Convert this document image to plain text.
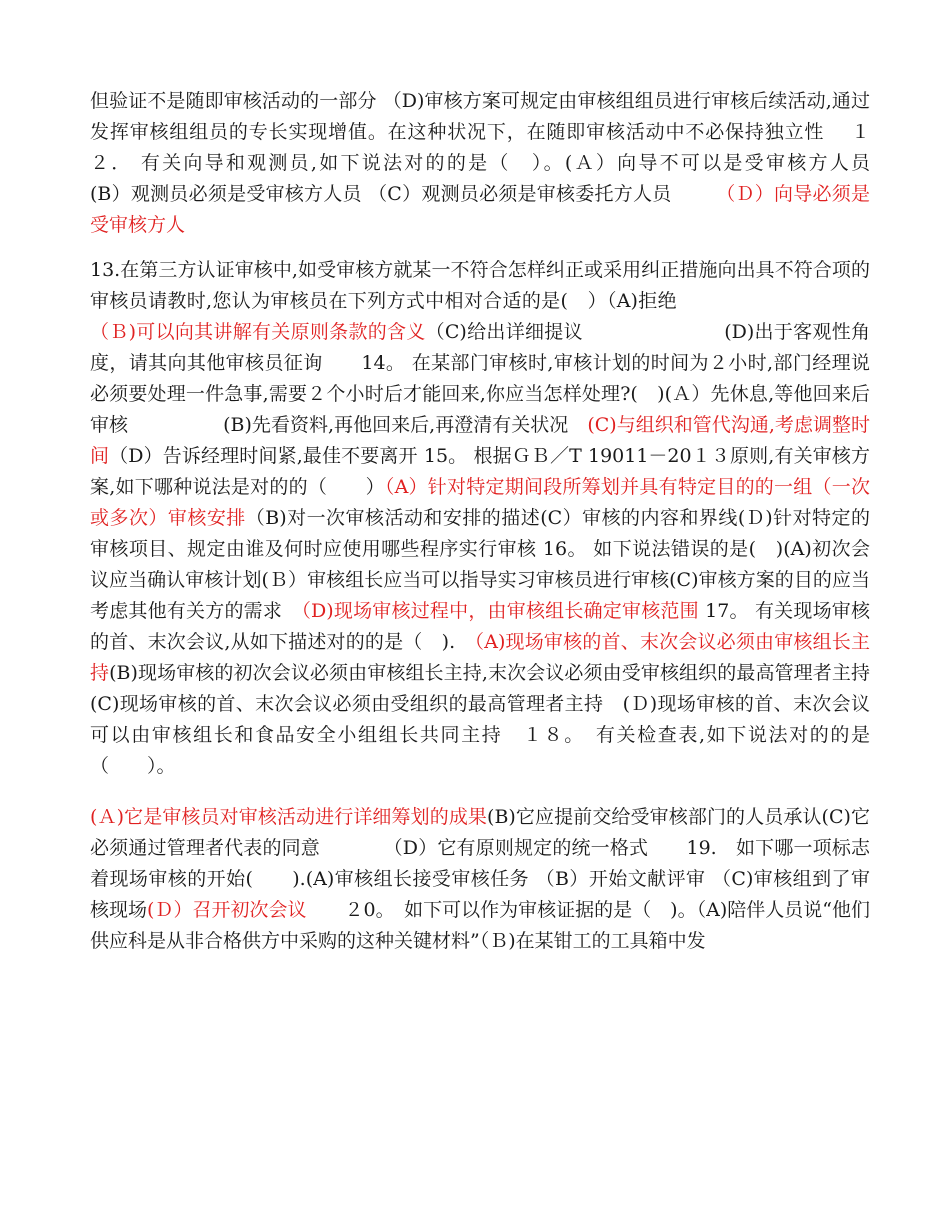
但验证不是随即审核活动的一部分 （D)审核方案可规定由审核组组员进行审核后续活动,通过发挥审核组组员的专长实现增值。在这种状况下，在随即审核活动中不必保持独立性　 １２． 有关向导和观测员,如下说法对的的是（　）。(Ａ）向导不可以是受审核方人员　　　 (B）观测员必须是受审核方人员 （C）观测员必须是审核委托方人员　　 （Ｄ）向导必须是受审核方人

13.在第三方认证审核中,如受审核方就某一不符合怎样纠正或采用纠正措施向出具不符合项的审核员请教时,您认为审核员在下列方式中相对合适的是(　）（A)拒绝　　　　　　　　　　 （Ｂ)可以向其讲解有关原则条款的含义（C)给出详细提议　　　　　　　 (D)出于客观性角度，请其向其他审核员征询　　14。 在某部门审核时,审核计划的时间为２小时,部门经理说必须要处理一件急事,需要２个小时后才能回来,你应当怎样处理?(　)(Ａ）先休息,等他回来后审核　　　　　(B)先看资料,再他回来后,再澄清有关状况　(C)与组织和管代沟通,考虑调整时间（D）告诉经理时间紧,最佳不要离开 15。 根据ＧＢ／T 19011－20１３原则,有关审核方案,如下哪种说法是对的的（　　）（A）针对特定期间段所筹划并具有特定目的的一组（一次或多次）审核安排（B)对一次审核活动和安排的描述(C）审核的内容和界线(Ｄ)针对特定的审核项目、规定由谁及何时应使用哪些程序实行审核 16。 如下说法错误的是(　)(A)初次会议应当确认审核计划(Ｂ）审核组长应当可以指导实习审核员进行审核(C)审核方案的目的应当考虑其他有关方的需求　（D)现场审核过程中，由审核组长确定审核范围 17。 有关现场审核的首、末次会议,从如下描述对的的是（　).　（A)现场审核的首、末次会议必须由审核组长主持(B)现场审核的初次会议必须由审核组长主持,末次会议必须由受审核组织的最高管理者主持　(C)现场审核的首、末次会议必须由受组织的最高管理者主持　(Ｄ)现场审核的首、末次会议可以由审核组长和食品安全小组组长共同主持　１８。　有关检查表,如下说法对的的是（　　）。

(Ａ)它是审核员对审核活动进行详细筹划的成果(B)它应提前交给受审核部门的人员承认(C)它必须通过管理者代表的同意　　　 （D）它有原则规定的统一格式　　19.　如下哪一项标志着现场审核的开始(　　).(A)审核组长接受审核任务 （B）开始文献评审 （C)审核组到了审核现场(Ｄ）召开初次会议　　２0。　如下可以作为审核证据的是（　)。（A)陪伴人员说“他们供应科是从非合格供方中采购的这种关键材料”（Ｂ)在某钳工的工具箱中发
